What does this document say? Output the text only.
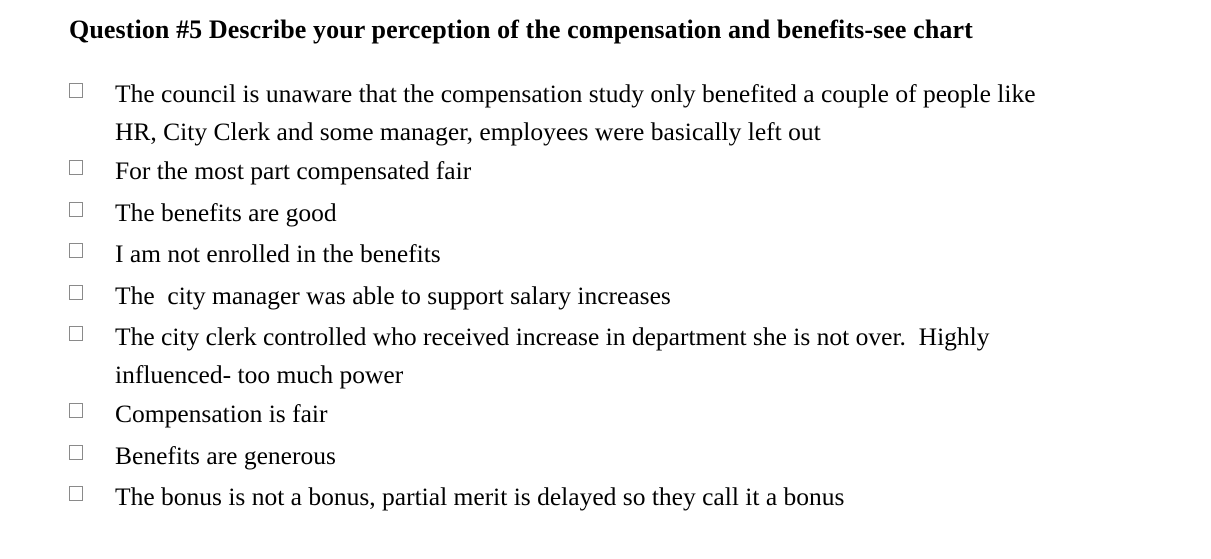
Question #5 Describe your perception of the compensation and benefits-see chart
The council is unaware that the compensation study only benefited a couple of people like
HR, City Clerk and some manager, employees were basically left out
For the most part compensated fair
The benefits are good
I am not enrolled in the benefits
The  city manager was able to support salary increases
The city clerk controlled who received increase in department she is not over.  Highly
influenced- too much power
Compensation is fair
Benefits are generous
The bonus is not a bonus, partial merit is delayed so they call it a bonus
